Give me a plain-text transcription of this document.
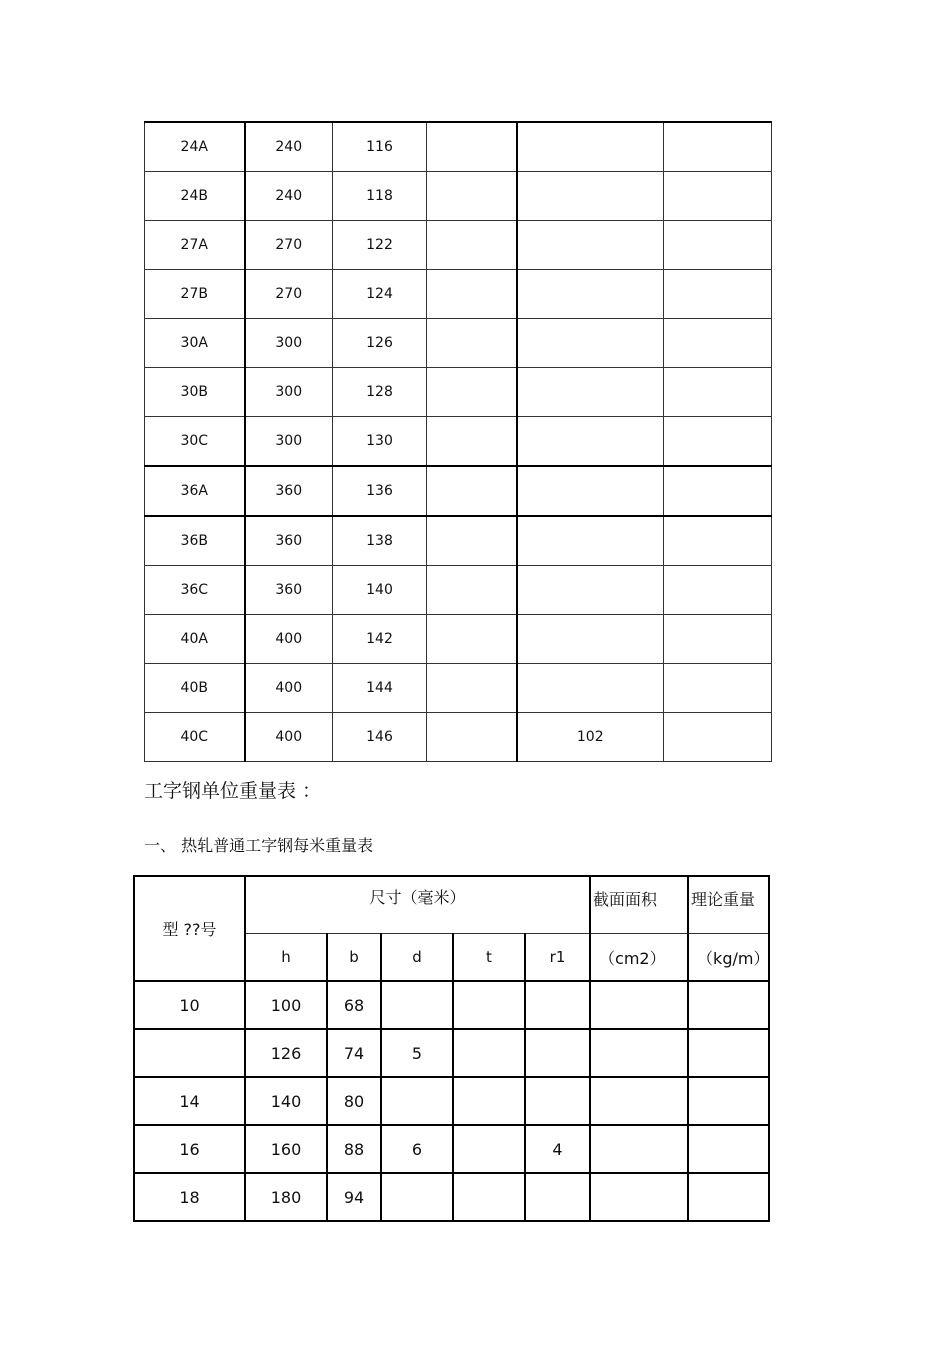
24A	240	116			
24B	240	118			
27A	270	122			
27B	270	124			
30A	300	126			
30B	300	128			
30C	300	130			
36A	360	136			
36B	360	138			
36C	360	140			
40A	400	142			
40B	400	144			
40C	400	146		102	
工字钢单位重量表 ：
一、 热轧普通工字钢每米重量表
型 ??号	尺寸（毫米）					截面面积	理论重量
	h	b	d	t	r1	（cm2）	（kg/m）
10	100	68					
	126	74	5				
14	140	80					
16	160	88	6		4		
18	180	94					
